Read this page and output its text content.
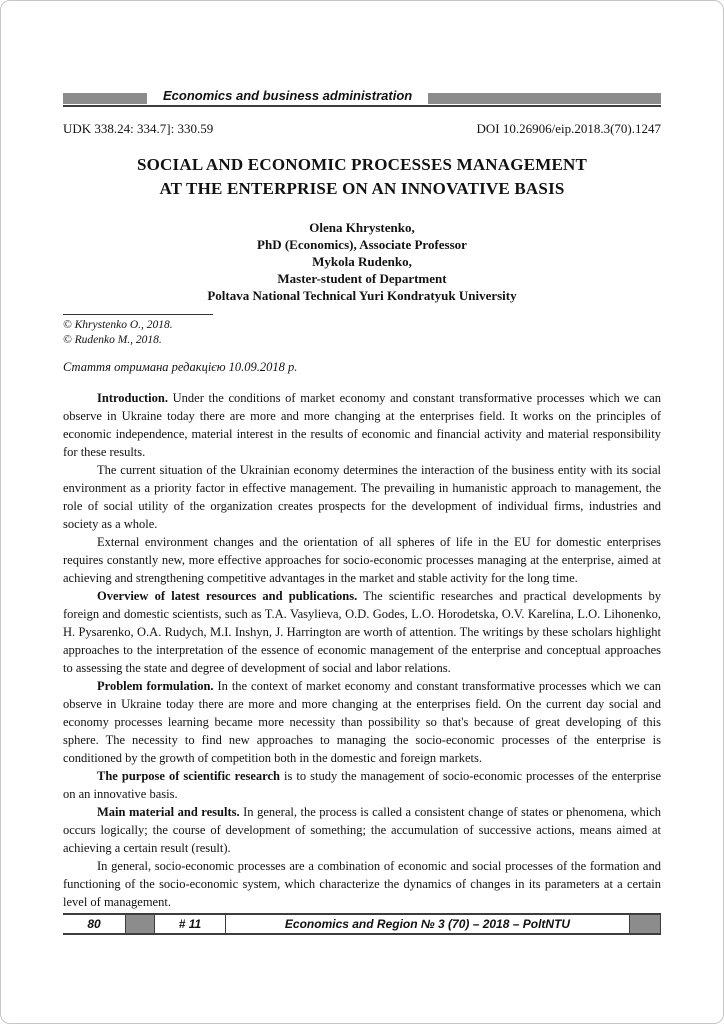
Economics and business administration
UDK 338.24: 334.7]: 330.59	DOI 10.26906/eip.2018.3(70).1247
SOCIAL AND ECONOMIC PROCESSES MANAGEMENT
AT THE ENTERPRISE ON AN INNOVATIVE BASIS
Olena Khrystenko,
PhD (Economics), Associate Professor
Mykola Rudenko,
Master-student of Department
Poltava National Technical Yuri Kondratyuk University
© Khrystenko O., 2018.
© Rudenko M., 2018.
Стаття отримана редакцією 10.09.2018 р.

Introduction. Under the conditions of market economy and constant transformative processes which we can observe in Ukraine today there are more and more changing at the enterprises field. It works on the principles of economic independence, material interest in the results of economic and financial activity and material responsibility for these results.

The current situation of the Ukrainian economy determines the interaction of the business entity with its social environment as a priority factor in effective management. The prevailing in humanistic approach to management, the role of social utility of the organization creates prospects for the development of individual firms, industries and society as a whole.

External environment changes and the orientation of all spheres of life in the EU for domestic enterprises requires constantly new, more effective approaches for socio-economic processes managing at the enterprise, aimed at achieving and strengthening competitive advantages in the market and stable activity for the long time.

Overview of latest resources and publications. The scientific researches and practical developments by foreign and domestic scientists, such as T.A. Vasylieva, O.D. Godes, L.O. Horodetska, O.V. Karelina, L.O. Lihonenko, H. Pysarenko, O.A. Rudych, M.I. Inshyn, J. Harrington are worth of attention. The writings by these scholars highlight approaches to the interpretation of the essence of economic management of the enterprise and conceptual approaches to assessing the state and degree of development of social and labor relations.

Problem formulation. In the context of market economy and constant transformative processes which we can observe in Ukraine today there are more and more changing at the enterprises field. On the current day social and economy processes learning became more necessity than possibility so that's because of great developing of this sphere. The necessity to find new approaches to managing the socio-economic processes of the enterprise is conditioned by the growth of competition both in the domestic and foreign markets.

The purpose of scientific research is to study the management of socio-economic processes of the enterprise on an innovative basis.

Main material and results. In general, the process is called a consistent change of states or phenomena, which occurs logically; the course of development of something; the accumulation of successive actions, means aimed at achieving a certain result (result).

In general, socio-economic processes are a combination of economic and social processes of the formation and functioning of the socio-economic system, which characterize the dynamics of changes in its parameters at a certain level of management.

80	# 11	Economics and Region № 3 (70) – 2018 – PoltNTU
